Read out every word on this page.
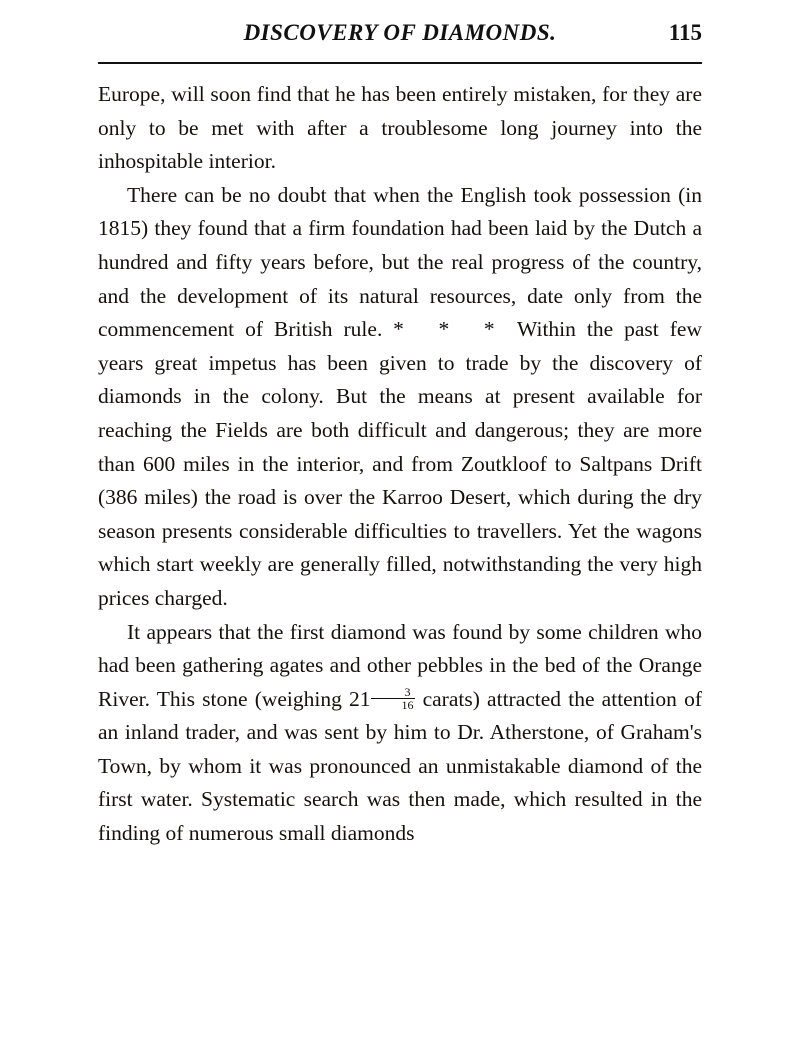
DISCOVERY OF DIAMONDS.	115

Europe, will soon find that he has been entirely mistaken, for they are only to be met with after a troublesome long journey into the inhospitable interior.

There can be no doubt that when the English took possession (in 1815) they found that a firm foundation had been laid by the Dutch a hundred and fifty years before, but the real progress of the country, and the development of its natural resources, date only from the commencement of British rule. * * * Within the past few years great impetus has been given to trade by the discovery of diamonds in the colony. But the means at present available for reaching the Fields are both difficult and dangerous; they are more than 600 miles in the interior, and from Zoutkloof to Saltpans Drift (386 miles) the road is over the Karroo Desert, which during the dry season presents considerable difficulties to travellers. Yet the wagons which start weekly are generally filled, notwithstanding the very high prices charged.

It appears that the first diamond was found by some children who had been gathering agates and other pebbles in the bed of the Orange River. This stone (weighing $21 \frac{3}{16}$ carats) attracted the attention of an inland trader, and was sent by him to Dr. Atherstone, of Graham's Town, by whom it was pronounced an unmistakable diamond of the first water. Systematic search was then made, which resulted in the finding of numerous small diamonds
